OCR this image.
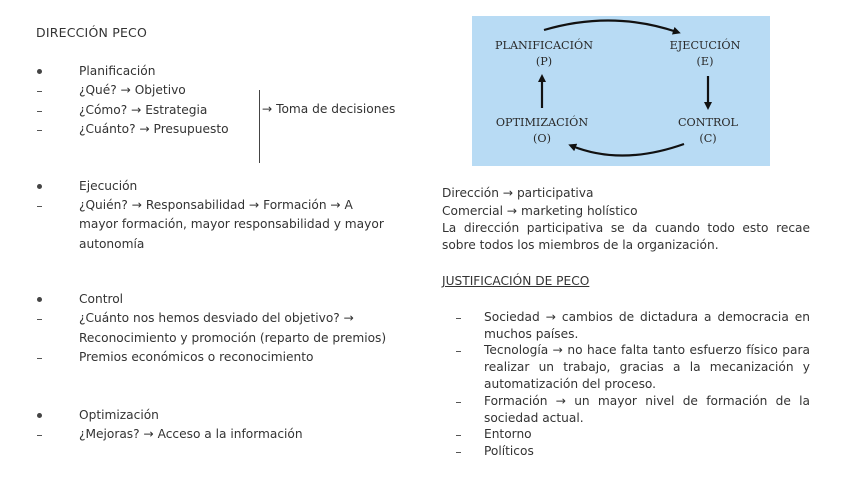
DIRECCIÓN PECO
Planificación
¿Qué? → Objetivo
¿Cómo? → Estrategia
¿Cuánto? → Presupuesto
→ Toma de decisiones
Ejecución
¿Quién? → Responsabilidad → Formación → A
mayor formación, mayor responsabilidad y mayor
autonomía
Control
¿Cuánto nos hemos desviado del objetivo? →
Reconocimiento y promoción (reparto de premios)
Premios económicos o reconocimiento
Optimización
¿Mejoras? → Acceso a la información
PLANIFICACIÓN
(P)
EJECUCIÓN
(E)
OPTIMIZACIÓN
(O)
CONTROL
(C)
Dirección → participativa
Comercial → marketing holístico
La dirección participativa se da cuando todo esto recae sobre todos los miembros de la organización.
JUSTIFICACIÓN DE PECO
Sociedad → cambios de dictadura a democracia en muchos países.
Tecnología → no hace falta tanto esfuerzo físico para realizar un trabajo, gracias a la mecanización y automatización del proceso.
Formación → un mayor nivel de formación de la sociedad actual.
Entorno
Políticos
